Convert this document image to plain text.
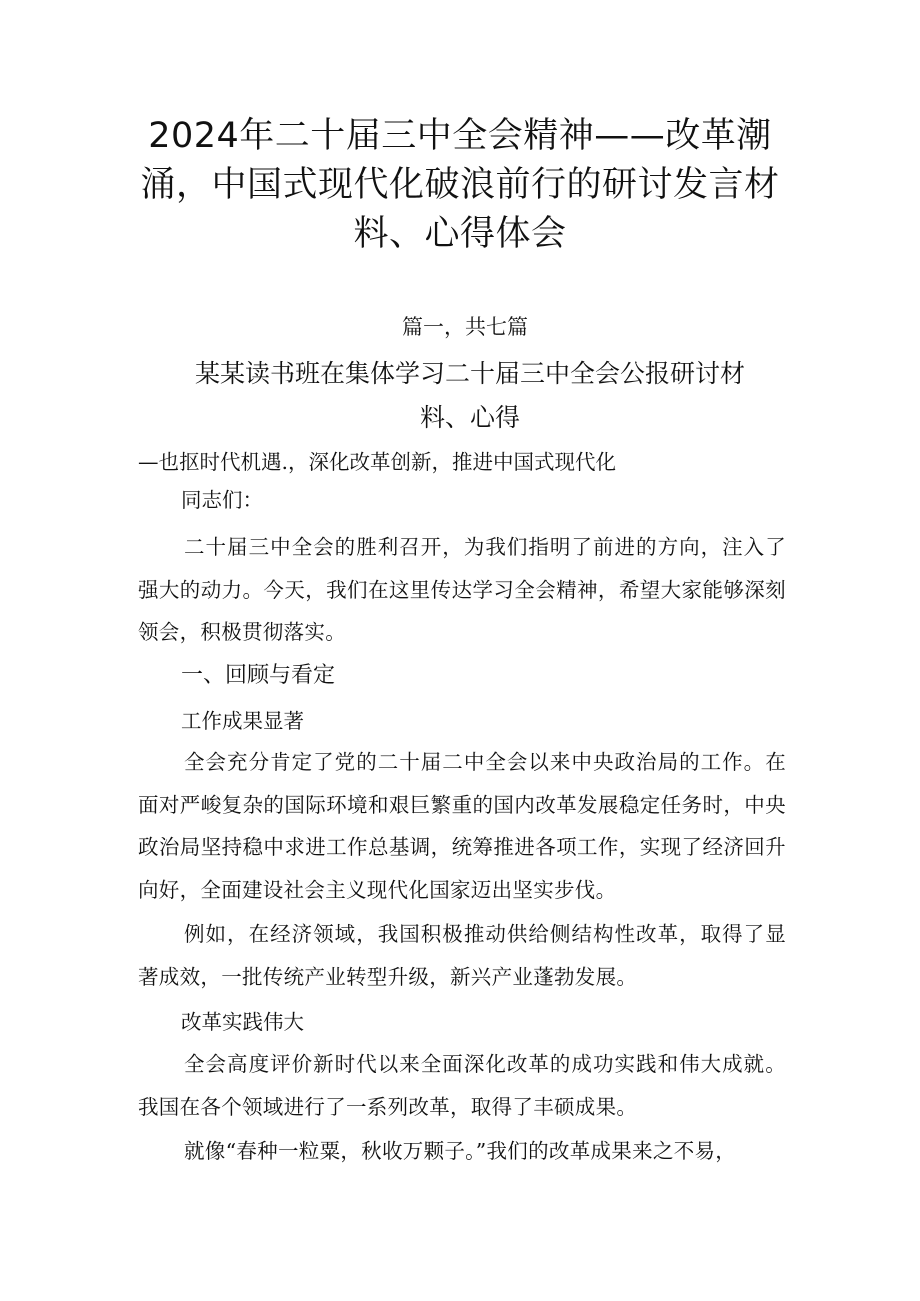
2024年二十届三中全会精神——改革潮涌，中国式现代化破浪前行的研讨发言材料、心得体会
篇一，共七篇
某某读书班在集体学习二十届三中全会公报研讨材料、心得
—也抠时代机遇.，深化改革创新，推进中国式现代化
同志们：
二十届三中全会的胜利召开，为我们指明了前进的方向，注入了强大的动力。今天，我们在这里传达学习全会精神，希望大家能够深刻领会，积极贯彻落实。
一、回顾与看定
工作成果显著
全会充分肯定了党的二十届二中全会以来中央政治局的工作。在面对严峻复杂的国际环境和艰巨繁重的国内改革发展稳定任务时，中央政治局坚持稳中求进工作总基调，统筹推进各项工作，实现了经济回升向好，全面建设社会主义现代化国家迈出坚实步伐。
例如，在经济领域，我国积极推动供给侧结构性改革，取得了显著成效，一批传统产业转型升级，新兴产业蓬勃发展。
改革实践伟大
全会高度评价新时代以来全面深化改革的成功实践和伟大成就。我国在各个领域进行了一系列改革，取得了丰硕成果。
就像“春种一粒粟，秋收万颗子。”我们的改革成果来之不易，
